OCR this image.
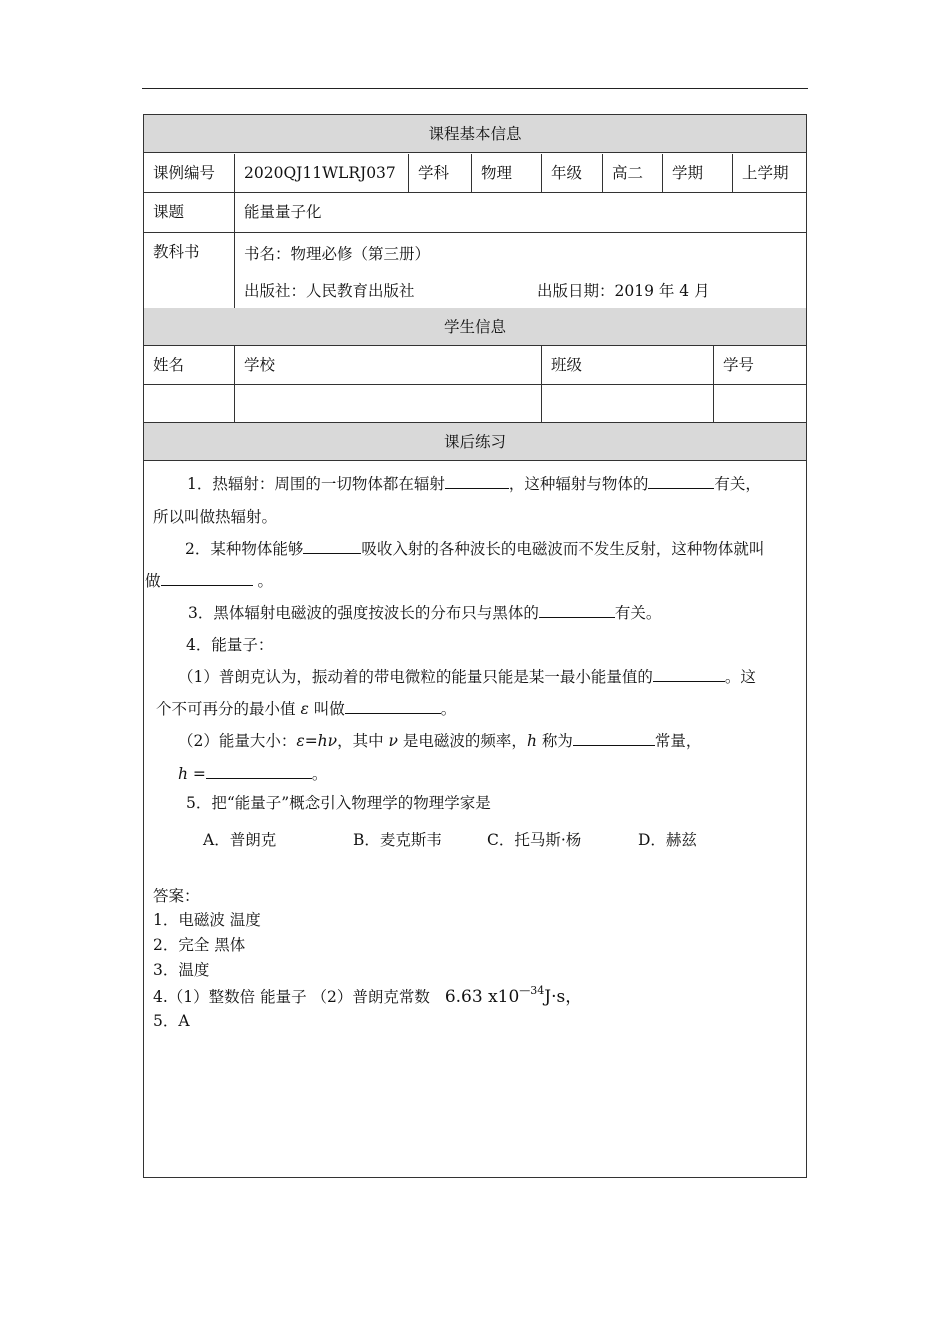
课程基本信息
课例编号	2020QJ11WLRJ037	学科	物理	年级	高二	学期	上学期
课题	能量量子化
教科书	书名：物理必修（第三册）
出版社：人民教育出版社	出版日期：2019 年 4 月
学生信息
姓名	学校	班级	学号
课后练习
1．热辐射：周围的一切物体都在辐射	，这种辐射与物体的	有关，
所以叫做热辐射。
2．某种物体能够	吸收入射的各种波长的电磁波而不发生反射，这种物体就叫
做	。
3．黑体辐射电磁波的强度按波长的分布只与黑体的	有关。
4．能量子：
（1）普朗克认为，振动着的带电微粒的能量只能是某一最小能量值的	。这
个不可再分的最小值 ε 叫做	。
（2）能量大小：ε=hν，其中 ν 是电磁波的频率，h 称为	常量，
h =	。
5．把“能量子”概念引入物理学的物理学家是
A．普朗克	B．麦克斯韦	C．托马斯·杨	D．赫兹
答案：
1．电磁波 温度
2．完全 黑体
3．温度
4.（1）整数倍 能量子 （2）普朗克常数 6.63 $x10^{—34}J\cdot s$，
5．A
